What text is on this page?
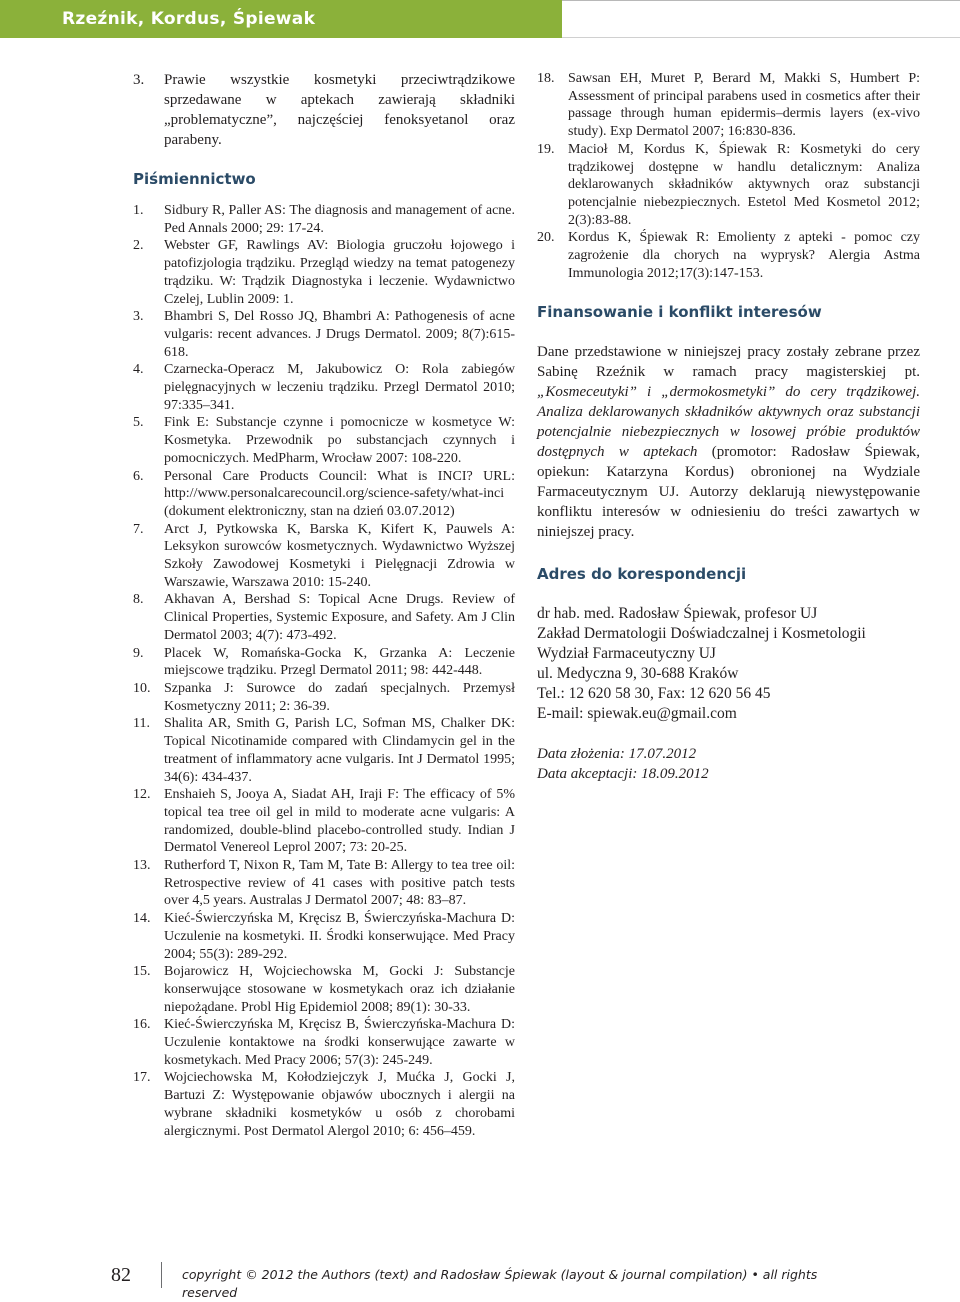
Rzeźnik, Kordus, Śpiewak
3.	Prawie wszystkie kosmetyki przeciwtrądzikowe sprzedawane w aptekach zawierają składniki „problematyczne”, najczęściej fenoksyetanol oraz parabeny.
Piśmiennictwo
1.	Sidbury R, Paller AS: The diagnosis and management of acne. Ped Annals 2000; 29: 17-24.
2.	Webster GF, Rawlings AV: Biologia gruczołu łojowego i patofizjologia trądziku. Przegląd wiedzy na temat patogenezy trądziku. W: Trądzik Diagnostyka i leczenie. Wydawnictwo Czelej, Lublin 2009: 1.
3.	Bhambri S, Del Rosso JQ, Bhambri A: Pathogenesis of acne vulgaris: recent advances. J Drugs Dermatol. 2009; 8(7):615-618.
4.	Czarnecka-Operacz M, Jakubowicz O: Rola zabiegów pielęgnacyjnych w leczeniu trądziku. Przegl Dermatol 2010; 97:335–341.
5.	Fink E: Substancje czynne i pomocnicze w kosmetyce W: Kosmetyka. Przewodnik po substancjach czynnych i pomocniczych. MedPharm, Wrocław 2007: 108-220.
6.	Personal Care Products Council: What is INCI? URL: http://www.personalcarecouncil.org/science-safety/what-inci (dokument elektroniczny, stan na dzień 03.07.2012)
7.	Arct J, Pytkowska K, Barska K, Kifert K, Pauwels A: Leksykon surowców kosmetycznych. Wydawnictwo Wyższej Szkoły Zawodowej Kosmetyki i Pielęgnacji Zdrowia w Warszawie, Warszawa 2010: 15-240.
8.	Akhavan A, Bershad S: Topical Acne Drugs. Review of Clinical Properties, Systemic Exposure, and Safety. Am J Clin Dermatol 2003; 4(7): 473-492.
9.	Placek W, Romańska-Gocka K, Grzanka A: Leczenie miejscowe trądziku. Przegl Dermatol 2011; 98: 442-448.
10. Szpanka J: Surowce do zadań specjalnych. Przemysł Kosmetyczny 2011; 2: 36-39.
11.	Shalita AR, Smith G, Parish LC, Sofman MS, Chalker DK: Topical Nicotinamide compared with Clindamycin gel in the treatment of inflammatory acne vulgaris. Int J Dermatol 1995; 34(6): 434-437.
12. Enshaieh S, Jooya A, Siadat AH, Iraji F: The efficacy of 5% topical tea tree oil gel in mild to moderate acne vulgaris: A randomized, double-blind placebo-controlled study. Indian J Dermatol Venereol Leprol 2007; 73: 20-25.
13. Rutherford T, Nixon R, Tam M, Tate B: Allergy to tea tree oil: Retrospective review of 41 cases with positive patch tests over 4,5 years. Australas J Dermatol 2007; 48: 83–87.
14. Kieć-Świerczyńska M, Kręcisz B, Świerczyńska-Machura D: Uczulenie na kosmetyki. II. Środki konserwujące. Med Pracy 2004; 55(3): 289-292.
15. Bojarowicz H, Wojciechowska M, Gocki J: Substancje konserwujące stosowane w kosmetykach oraz ich działanie niepożądane. Probl Hig Epidemiol 2008; 89(1): 30-33.
16. Kieć-Świerczyńska M, Kręcisz B, Świerczyńska-Machura D: Uczulenie kontaktowe na środki konserwujące zawarte w kosmetykach. Med Pracy 2006; 57(3): 245-249.
17. Wojciechowska M, Kołodziejczyk J, Mućka J, Gocki J, Bartuzi Z: Występowanie objawów ubocznych i alergii na wybrane składniki kosmetyków u osób z chorobami alergicznymi. Post Dermatol Alergol 2010; 6: 456–459.
18. Sawsan EH, Muret P, Berard M, Makki S, Humbert P: Assessment of principal parabens used in cosmetics after their passage through human epidermis–dermis layers (ex-vivo study). Exp Dermatol 2007; 16:830-836.
19. Macioł M, Kordus K, Śpiewak R: Kosmetyki do cery trądzikowej dostępne w handlu detalicznym: Analiza deklarowanych składników aktywnych oraz substancji potencjalnie niebezpiecznych. Estetol Med Kosmetol 2012; 2(3):83-88.
20. Kordus K, Śpiewak R: Emolienty z apteki - pomoc czy zagrożenie dla chorych na wyprysk? Alergia Astma Immunologia 2012;17(3):147-153.
Finansowanie i konflikt interesów
Dane przedstawione w niniejszej pracy zostały zebrane przez Sabinę Rzeźnik w ramach pracy magisterskiej pt. „Kosmeceutyki” i „dermokosmetyki” do cery trądzikowej. Analiza deklarowanych składników aktywnych oraz substancji potencjalnie niebezpiecznych w losowej próbie produktów dostępnych w aptekach (promotor: Radosław Śpiewak, opiekun: Katarzyna Kordus) obronionej na Wydziale Farmaceutycznym UJ. Autorzy deklarują niewystępowanie konfliktu interesów w odniesieniu do treści zawartych w niniejszej pracy.
Adres do korespondencji
dr hab. med. Radosław Śpiewak, profesor UJ
Zakład Dermatologii Doświadczalnej i Kosmetologii
Wydział Farmaceutyczny UJ
ul. Medyczna 9, 30-688 Kraków
Tel.: 12 620 58 30, Fax: 12 620 56 45
E-mail: spiewak.eu@gmail.com
Data złożenia: 17.07.2012
Data akceptacji: 18.09.2012
82	copyright © 2012 the Authors (text) and Radosław Śpiewak (layout & journal compilation) • all rights reserved
